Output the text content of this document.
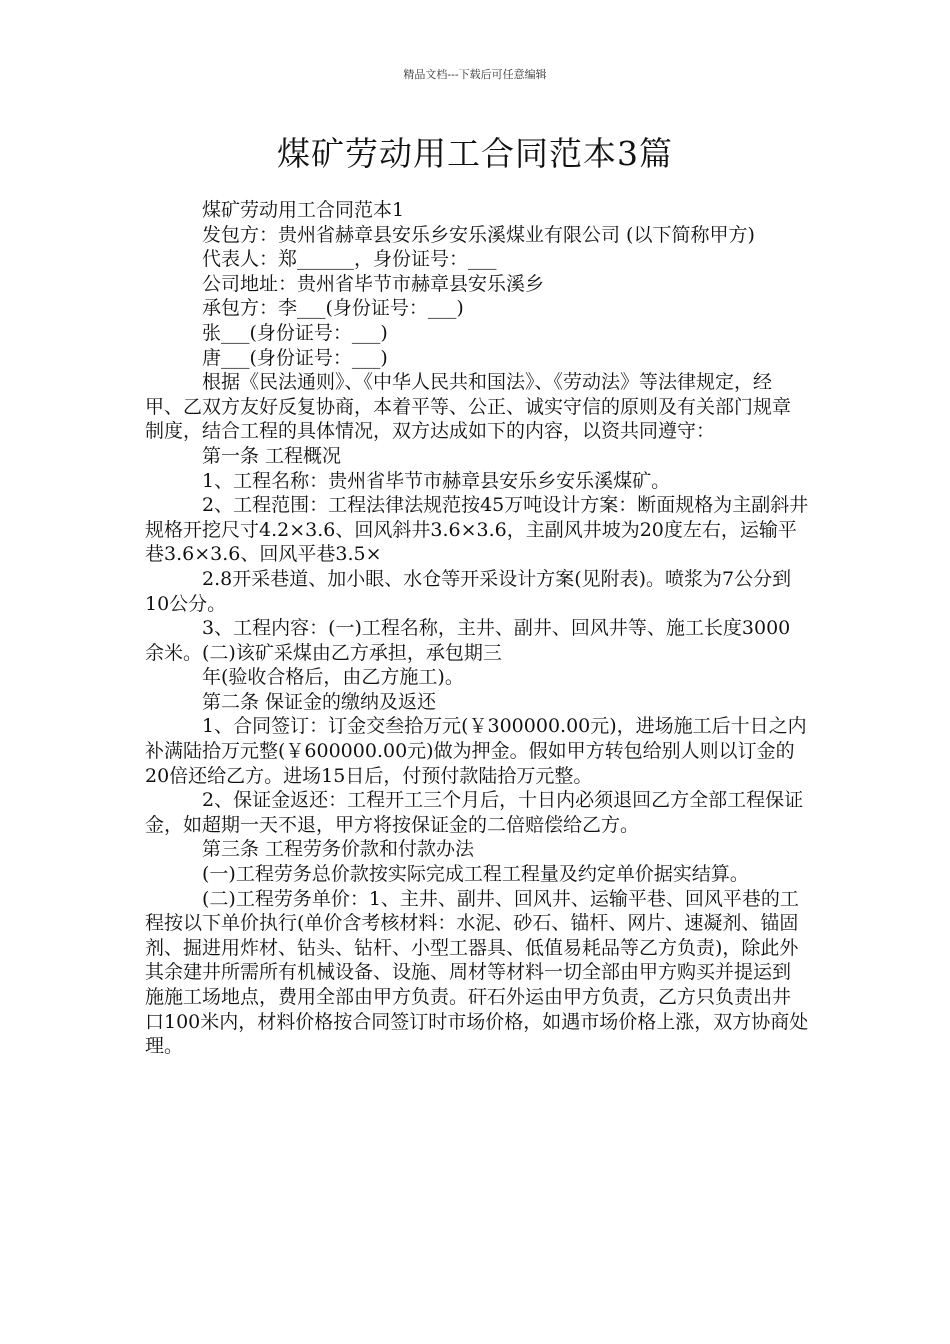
精品文档---下载后可任意编辑
煤矿劳动用工合同范本3篇

煤矿劳动用工合同范本1

发包方：贵州省赫章县安乐乡安乐溪煤业有限公司 (以下简称甲方)

代表人：郑______，身份证号：___

公司地址：贵州省毕节市赫章县安乐溪乡

承包方：李___(身份证号：___)

张___(身份证号：___)

唐___(身份证号：___)

根据《民法通则》、《中华人民共和国法》、《劳动法》等法律规定，经甲、乙双方友好反复协商，本着平等、公正、诚实守信的原则及有关部门规章制度，结合工程的具体情况，双方达成如下的内容，以资共同遵守：

第一条 工程概况

1、工程名称：贵州省毕节市赫章县安乐乡安乐溪煤矿。

2、工程范围：工程法律法规范按45万吨设计方案：断面规格为主副斜井规格开挖尺寸4.2×3.6、回风斜井3.6×3.6，主副风井坡为20度左右，运输平巷3.6×3.6、回风平巷3.5×

2.8开采巷道、加小眼、水仓等开采设计方案(见附表)。喷浆为7公分到10公分。

3、工程内容：(一)工程名称，主井、副井、回风井等、施工长度3000余米。(二)该矿采煤由乙方承担，承包期三

年(验收合格后，由乙方施工)。

第二条 保证金的缴纳及返还

1、合同签订：订金交叁拾万元(￥300000.00元)，进场施工后十日之内补满陆拾万元整(￥600000.00元)做为押金。假如甲方转包给别人则以订金的20倍还给乙方。进场15日后，付预付款陆拾万元整。

2、保证金返还：工程开工三个月后，十日内必须退回乙方全部工程保证金，如超期一天不退，甲方将按保证金的二倍赔偿给乙方。

第三条 工程劳务价款和付款办法

(一)工程劳务总价款按实际完成工程工程量及约定单价据实结算。

(二)工程劳务单价：1、主井、副井、回风井、运输平巷、回风平巷的工程按以下单价执行(单价含考核材料：水泥、砂石、锚杆、网片、速凝剂、锚固剂、掘进用炸材、钻头、钻杆、小型工器具、低值易耗品等乙方负责)，除此外其余建井所需所有机械设备、设施、周材等材料一切全部由甲方购买并提运到施施工场地点，费用全部由甲方负责。矸石外运由甲方负责，乙方只负责出井口100米内，材料价格按合同签订时市场价格，如遇市场价格上涨，双方协商处理。
